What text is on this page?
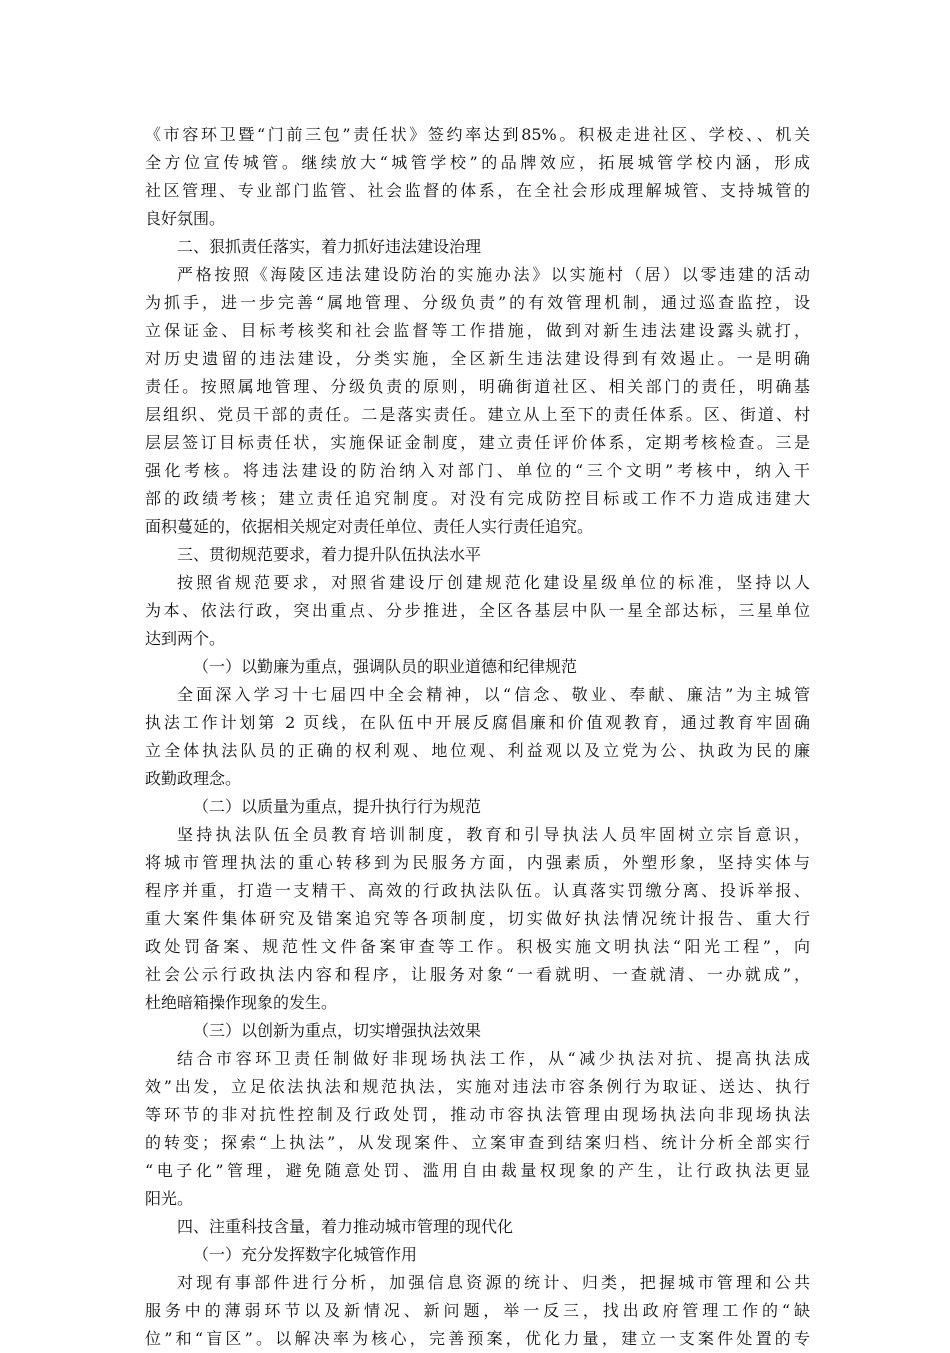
《市容环卫暨“门前三包”责任状》签约率达到85%。积极走进社区、学校、、机关
全方位宣传城管。继续放大“城管学校”的品牌效应，拓展城管学校内涵，形成
社区管理、专业部门监管、社会监督的体系，在全社会形成理解城管、支持城管的
良好氛围。
二、狠抓责任落实，着力抓好违法建设治理
严格按照《海陵区违法建设防治的实施办法》以实施村（居）以零违建的活动
为抓手，进一步完善“属地管理、分级负责”的有效管理机制，通过巡查监控，设
立保证金、目标考核奖和社会监督等工作措施，做到对新生违法建设露头就打，
对历史遗留的违法建设，分类实施，全区新生违法建设得到有效遏止。一是明确
责任。按照属地管理、分级负责的原则，明确街道社区、相关部门的责任，明确基
层组织、党员干部的责任。二是落实责任。建立从上至下的责任体系。区、街道、村
层层签订目标责任状，实施保证金制度，建立责任评价体系，定期考核检查。三是
强化考核。将违法建设的防治纳入对部门、单位的“三个文明”考核中，纳入干
部的政绩考核；建立责任追究制度。对没有完成防控目标或工作不力造成违建大
面积蔓延的，依据相关规定对责任单位、责任人实行责任追究。
三、贯彻规范要求，着力提升队伍执法水平
按照省规范要求，对照省建设厅创建规范化建设星级单位的标准，坚持以人
为本、依法行政，突出重点、分步推进，全区各基层中队一星全部达标，三星单位
达到两个。
（一）以勤廉为重点，强调队员的职业道德和纪律规范
全面深入学习十七届四中全会精神，以“信念、敬业、奉献、廉洁”为主城管
执法工作计划第 2 页线，在队伍中开展反腐倡廉和价值观教育，通过教育牢固确
立全体执法队员的正确的权利观、地位观、利益观以及立党为公、执政为民的廉
政勤政理念。
（二）以质量为重点，提升执行行为规范
坚持执法队伍全员教育培训制度，教育和引导执法人员牢固树立宗旨意识，
将城市管理执法的重心转移到为民服务方面，内强素质，外塑形象，坚持实体与
程序并重，打造一支精干、高效的行政执法队伍。认真落实罚缴分离、投诉举报、
重大案件集体研究及错案追究等各项制度，切实做好执法情况统计报告、重大行
政处罚备案、规范性文件备案审查等工作。积极实施文明执法“阳光工程”，向
社会公示行政执法内容和程序，让服务对象“一看就明、一查就清、一办就成”，
杜绝暗箱操作现象的发生。
（三）以创新为重点，切实增强执法效果
结合市容环卫责任制做好非现场执法工作，从“减少执法对抗、提高执法成
效”出发，立足依法执法和规范执法，实施对违法市容条例行为取证、送达、执行
等环节的非对抗性控制及行政处罚，推动市容执法管理由现场执法向非现场执法
的转变；探索“上执法”，从发现案件、立案审查到结案归档、统计分析全部实行
“电子化”管理，避免随意处罚、滥用自由裁量权现象的产生，让行政执法更显
阳光。
四、注重科技含量，着力推动城市管理的现代化
（一）充分发挥数字化城管作用
对现有事部件进行分析，加强信息资源的统计、归类，把握城市管理和公共
服务中的薄弱环节以及新情况、新问题，举一反三，找出政府管理工作的“缺
位”和“盲区”。以解决率为核心，完善预案，优化力量，建立一支案件处置的专
